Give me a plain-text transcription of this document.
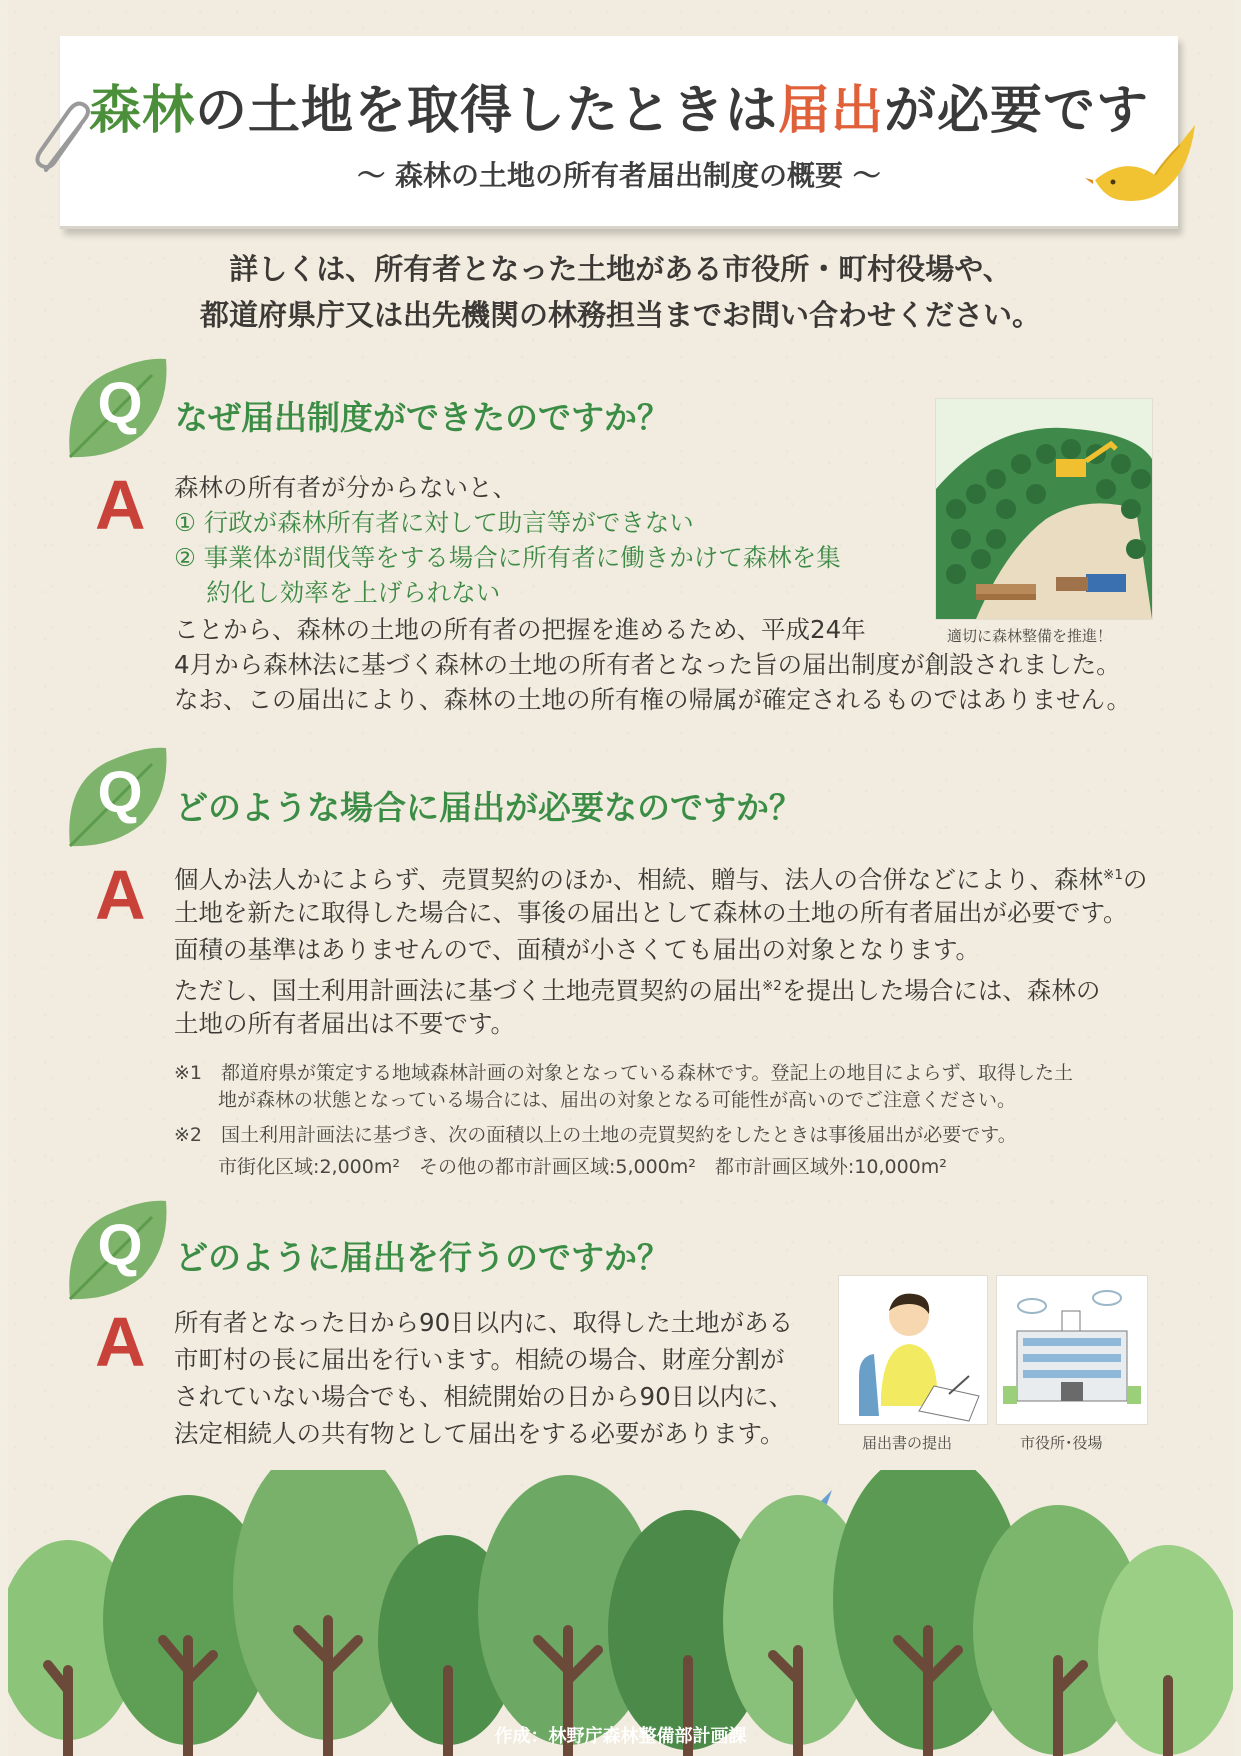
森林の土地を取得したときは届出が必要です
〜 森林の土地の所有者届出制度の概要 〜
詳しくは、所有者となった土地がある市役所・町村役場や、
都道府県庁又は出先機関の林務担当までお問い合わせください。
Q なぜ届出制度ができたのですか？
A 森林の所有者が分からないと、
① 行政が森林所有者に対して助言等ができない
② 事業体が間伐等をする場合に所有者に働きかけて森林を集
　 約化し効率を上げられない
ことから、森林の土地の所有者の把握を進めるため、平成24年
4月から森林法に基づく森林の土地の所有者となった旨の届出制度が創設されました。
なお、この届出により、森林の土地の所有権の帰属が確定されるものではありません。
適切に森林整備を推進！
Q どのような場合に届出が必要なのですか？
A 個人か法人かによらず、売買契約のほか、相続、贈与、法人の合併などにより、森林$^{※1}$の
土地を新たに取得した場合に、事後の届出として森林の土地の所有者届出が必要です。
面積の基準はありませんので、面積が小さくても届出の対象となります。
ただし、国土利用計画法に基づく土地売買契約の届出$^{※2}$を提出した場合には、森林の
土地の所有者届出は不要です。
※1　都道府県が策定する地域森林計画の対象となっている森林です。登記上の地目によらず、取得した土
　　 地が森林の状態となっている場合には、届出の対象となる可能性が高いのでご注意ください。
※2　国土利用計画法に基づき、次の面積以上の土地の売買契約をしたときは事後届出が必要です。
　　 市街化区域:2,000m²　その他の都市計画区域:5,000m²　都市計画区域外:10,000m²
Q どのように届出を行うのですか？
A 所有者となった日から90日以内に、取得した土地がある
市町村の長に届出を行います。相続の場合、財産分割が
されていない場合でも、相続開始の日から90日以内に、
法定相続人の共有物として届出をする必要があります。	届出書の提出	市役所･役場
作成：林野庁森林整備部計画課
